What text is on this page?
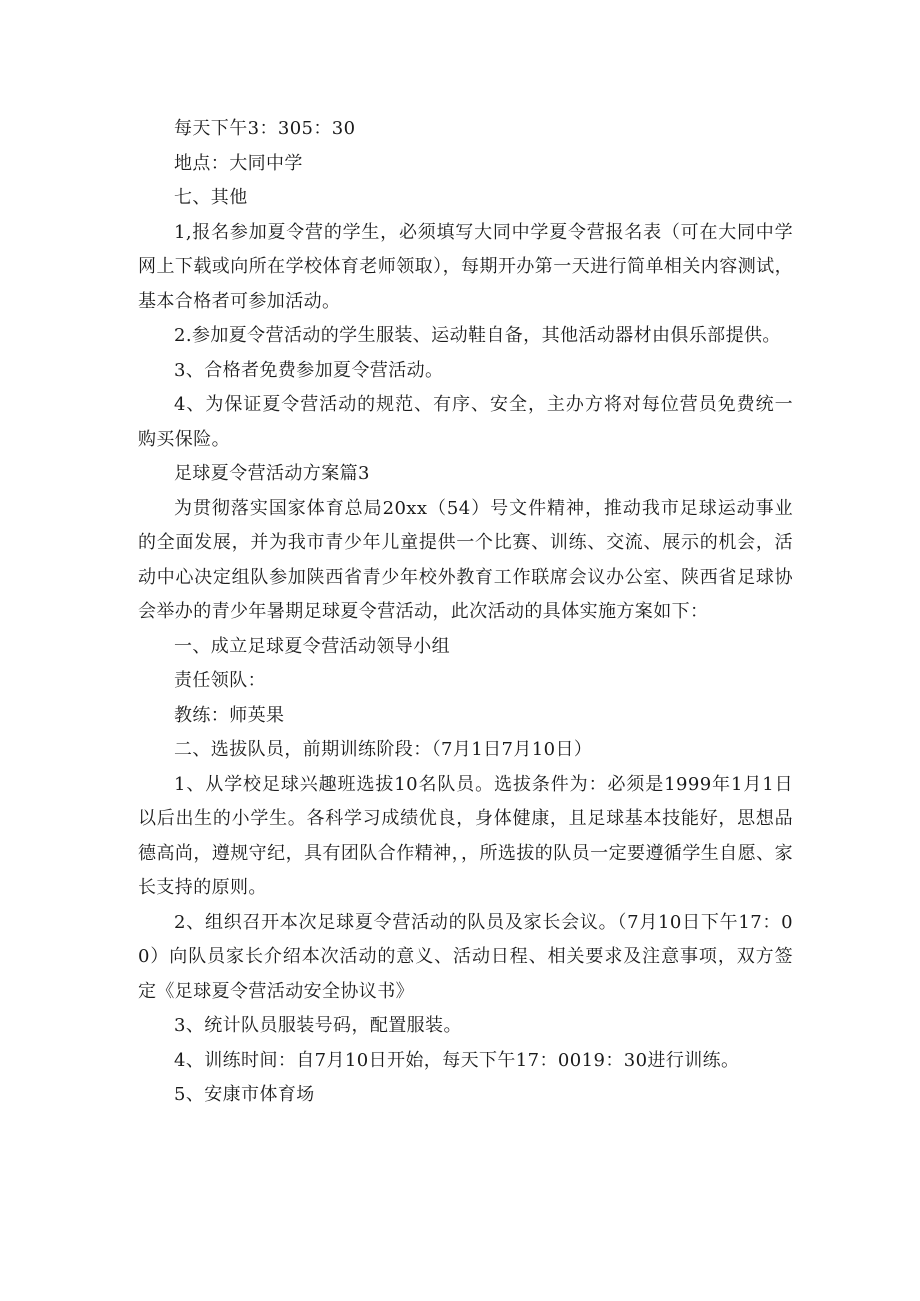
每天下午3：305：30

地点：大同中学

七、其他

1,报名参加夏令营的学生，必须填写大同中学夏令营报名表（可在大同中学网上下载或向所在学校体育老师领取），每期开办第一天进行简单相关内容测试，基本合格者可参加活动。

2.参加夏令营活动的学生服装、运动鞋自备，其他活动器材由俱乐部提供。

3、合格者免费参加夏令营活动。

4、为保证夏令营活动的规范、有序、安全，主办方将对每位营员免费统一购买保险。

足球夏令营活动方案篇3

为贯彻落实国家体育总局20xx（54）号文件精神，推动我市足球运动事业的全面发展，并为我市青少年儿童提供一个比赛、训练、交流、展示的机会，活动中心决定组队参加陕西省青少年校外教育工作联席会议办公室、陕西省足球协会举办的青少年暑期足球夏令营活动，此次活动的具体实施方案如下：

一、成立足球夏令营活动领导小组

责任领队：

教练：师英果

二、选拔队员，前期训练阶段：（7月1日7月10日）

1、从学校足球兴趣班选拔10名队员。选拔条件为：必须是1999年1月1日以后出生的小学生。各科学习成绩优良，身体健康，且足球基本技能好，思想品德高尚，遵规守纪，具有团队合作精神，，所选拔的队员一定要遵循学生自愿、家长支持的原则。

2、组织召开本次足球夏令营活动的队员及家长会议。（7月10日下午17：00）向队员家长介绍本次活动的意义、活动日程、相关要求及注意事项，双方签定《足球夏令营活动安全协议书》

3、统计队员服装号码，配置服装。

4、训练时间：自7月10日开始，每天下午17：0019：30进行训练。

5、安康市体育场
